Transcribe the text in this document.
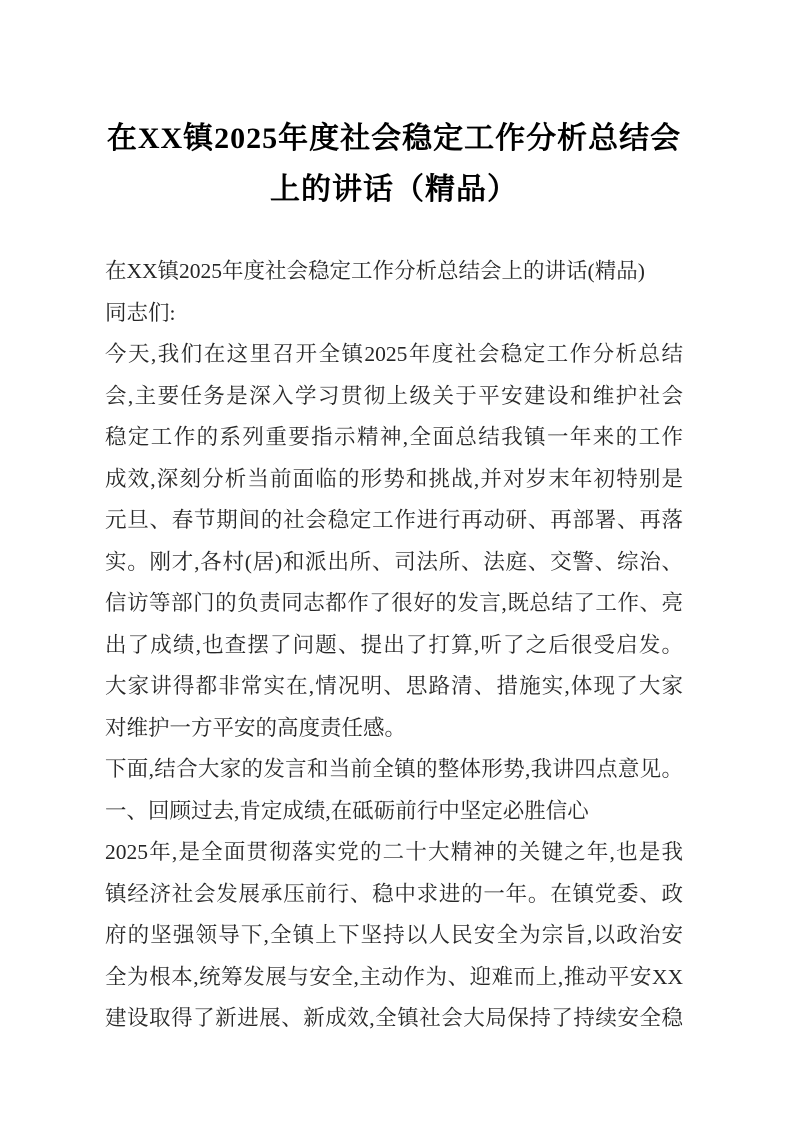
在XX镇2025年度社会稳定工作分析总结会
上的讲话（精品）
在XX镇2025年度社会稳定工作分析总结会上的讲话(精品)
同志们:
今天,我们在这里召开全镇2025年度社会稳定工作分析总结
会,主要任务是深入学习贯彻上级关于平安建设和维护社会
稳定工作的系列重要指示精神,全面总结我镇一年来的工作
成效,深刻分析当前面临的形势和挑战,并对岁末年初特别是
元旦、春节期间的社会稳定工作进行再动研、再部署、再落
实。刚才,各村(居)和派出所、司法所、法庭、交警、综治、
信访等部门的负责同志都作了很好的发言,既总结了工作、亮
出了成绩,也查摆了问题、提出了打算,听了之后很受启发。
大家讲得都非常实在,情况明、思路清、措施实,体现了大家
对维护一方平安的高度责任感。
下面,结合大家的发言和当前全镇的整体形势,我讲四点意见。
一、回顾过去,肯定成绩,在砥砺前行中坚定必胜信心
2025年,是全面贯彻落实党的二十大精神的关键之年,也是我
镇经济社会发展承压前行、稳中求进的一年。在镇党委、政
府的坚强领导下,全镇上下坚持以人民安全为宗旨,以政治安
全为根本,统筹发展与安全,主动作为、迎难而上,推动平安XX
建设取得了新进展、新成效,全镇社会大局保持了持续安全稳
